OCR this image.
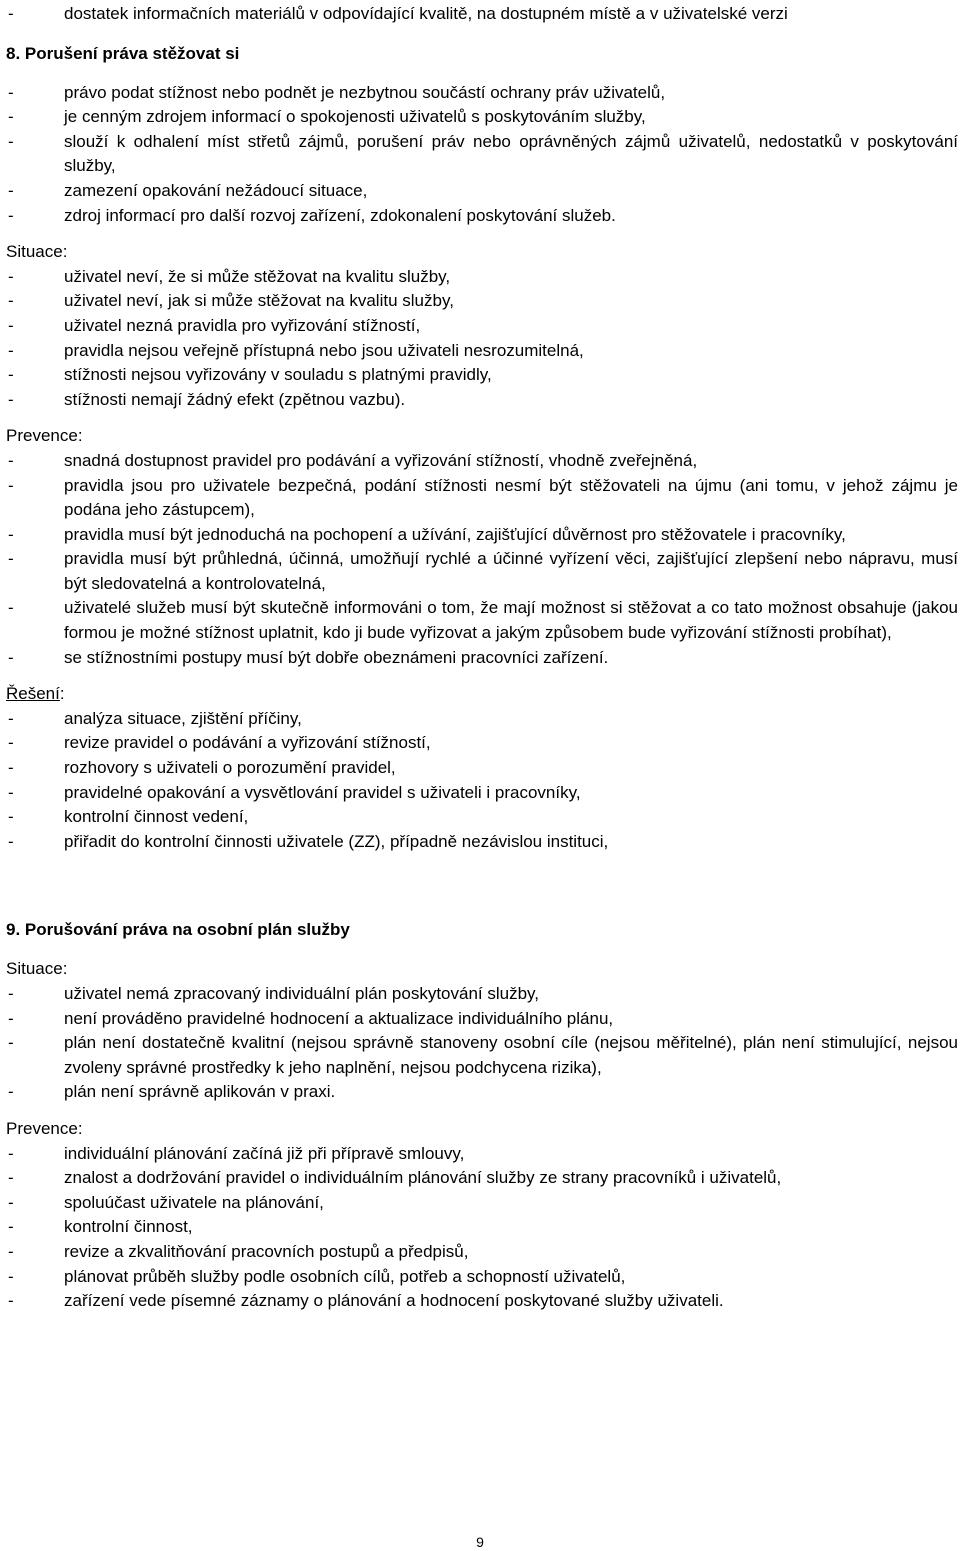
-	dostatek informačních materiálů v odpovídající kvalitě, na dostupném místě a v uživatelské verzi
8. Porušení práva stěžovat si
-	právo podat stížnost nebo podnět je nezbytnou součástí ochrany práv uživatelů,
-	je cenným zdrojem informací o spokojenosti uživatelů s poskytováním služby,
-	slouží k odhalení míst střetů zájmů, porušení práv nebo oprávněných zájmů uživatelů, nedostatků v poskytování služby,
-	zamezení opakování nežádoucí situace,
-	zdroj informací pro další rozvoj zařízení, zdokonalení poskytování služeb.
Situace:
-	uživatel neví, že si může stěžovat na kvalitu služby,
-	uživatel neví, jak si může stěžovat na kvalitu služby,
-	uživatel nezná pravidla pro vyřizování stížností,
-	pravidla nejsou veřejně přístupná nebo jsou uživateli nesrozumitelná,
-	stížnosti nejsou vyřizovány v souladu s platnými pravidly,
-	stížnosti nemají žádný efekt (zpětnou vazbu).
Prevence:
-	snadná dostupnost pravidel pro podávání a vyřizování stížností, vhodně zveřejněná,
-	pravidla jsou pro uživatele bezpečná, podání stížnosti nesmí být stěžovateli na újmu (ani tomu, v jehož zájmu je podána jeho zástupcem),
-	pravidla musí být jednoduchá na pochopení a užívání, zajišťující důvěrnost pro stěžovatele i pracovníky,
-	pravidla musí být průhledná, účinná, umožňují rychlé a účinné vyřízení věci, zajišťující zlepšení nebo nápravu, musí být sledovatelná a kontrolovatelná,
-	uživatelé služeb musí být skutečně informováni o tom, že mají možnost si stěžovat a co tato možnost obsahuje (jakou formou je možné stížnost uplatnit, kdo ji bude vyřizovat a jakým způsobem bude vyřizování stížnosti probíhat),
-	se stížnostními postupy musí být dobře obeznámeni pracovníci zařízení.
Řešení:
-	analýza situace, zjištění příčiny,
-	revize pravidel o podávání a vyřizování stížností,
-	rozhovory s uživateli o porozumění pravidel,
-	pravidelné opakování a vysvětlování pravidel s uživateli i pracovníky,
-	kontrolní činnost vedení,
-	přiřadit do kontrolní činnosti uživatele (ZZ), případně nezávislou instituci,
9. Porušování práva na osobní plán služby
Situace:
-	uživatel nemá zpracovaný individuální plán poskytování služby,
-	není prováděno pravidelné hodnocení a aktualizace individuálního plánu,
-	plán není dostatečně kvalitní (nejsou správně stanoveny osobní cíle (nejsou měřitelné), plán není stimulující, nejsou zvoleny správné prostředky k jeho naplnění, nejsou podchycena rizika),
-	plán není správně aplikován v praxi.
Prevence:
-	individuální plánování začíná již při přípravě smlouvy,
-	znalost a dodržování pravidel o individuálním plánování služby ze strany pracovníků i uživatelů,
-	spoluúčast uživatele na plánování,
-	kontrolní činnost,
-	revize a zkvalitňování pracovních postupů a předpisů,
-	plánovat průběh služby podle osobních cílů, potřeb a schopností uživatelů,
-	zařízení vede písemné záznamy o plánování a hodnocení poskytované služby uživateli.
9
